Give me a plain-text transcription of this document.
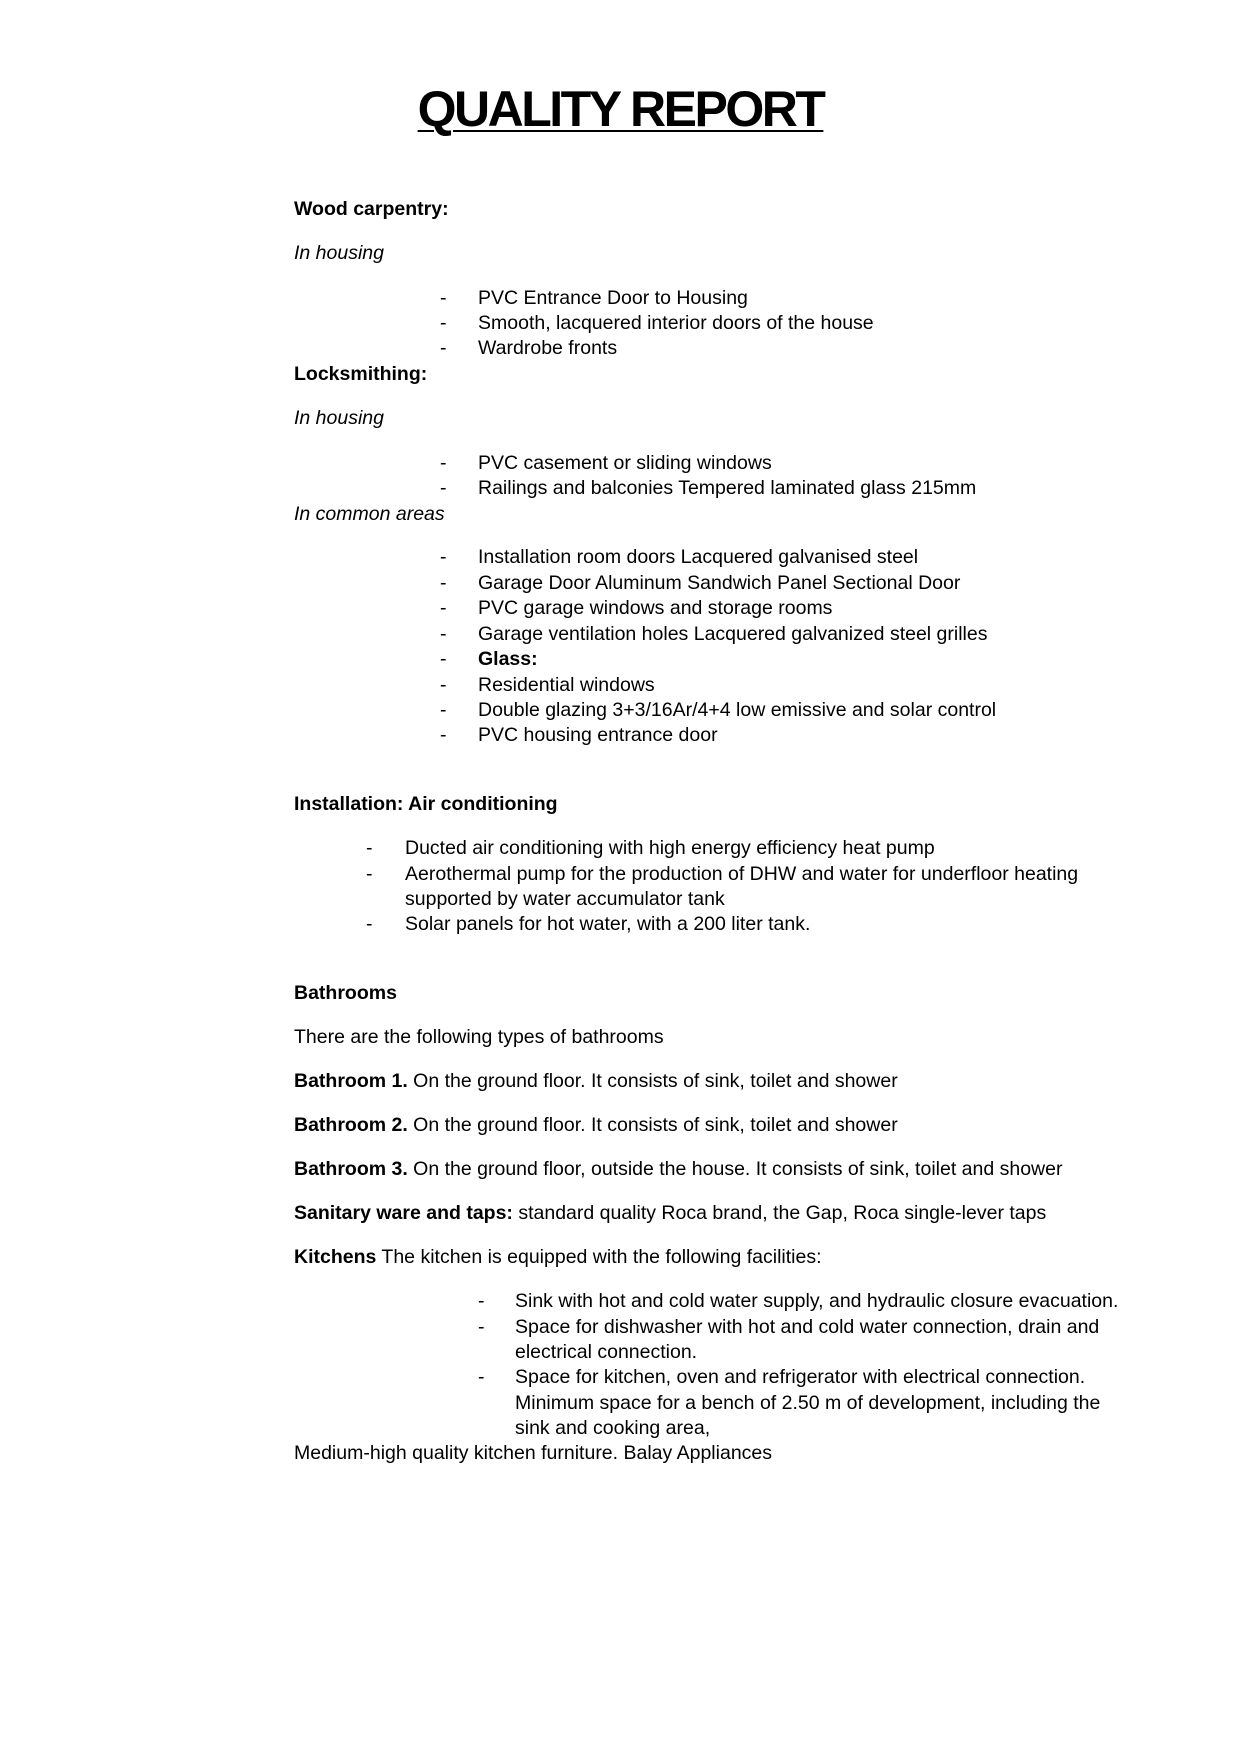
QUALITY REPORT

Wood carpentry:

In housing

- PVC Entrance Door to Housing
- Smooth, lacquered interior doors of the house
- Wardrobe fronts

Locksmithing:

In housing

- PVC casement or sliding windows
- Railings and balconies Tempered laminated glass 215mm

In common areas

- Installation room doors Lacquered galvanised steel
- Garage Door Aluminum Sandwich Panel Sectional Door
- PVC garage windows and storage rooms
- Garage ventilation holes Lacquered galvanized steel grilles
- Glass:
- Residential windows
- Double glazing 3+3/16Ar/4+4 low emissive and solar control
- PVC housing entrance door

Installation: Air conditioning

- Ducted air conditioning with high energy efficiency heat pump
- Aerothermal pump for the production of DHW and water for underfloor heating
supported by water accumulator tank
- Solar panels for hot water, with a 200 liter tank.

Bathrooms

There are the following types of bathrooms

Bathroom 1. On the ground floor. It consists of sink, toilet and shower

Bathroom 2. On the ground floor. It consists of sink, toilet and shower

Bathroom 3. On the ground floor, outside the house. It consists of sink, toilet and shower

Sanitary ware and taps: standard quality Roca brand, the Gap, Roca single-lever taps

Kitchens The kitchen is equipped with the following facilities:

- Sink with hot and cold water supply, and hydraulic closure evacuation.
- Space for dishwasher with hot and cold water connection, drain and
electrical connection.
- Space for kitchen, oven and refrigerator with electrical connection.
Minimum space for a bench of 2.50 m of development, including the
sink and cooking area,

Medium-high quality kitchen furniture. Balay Appliances
